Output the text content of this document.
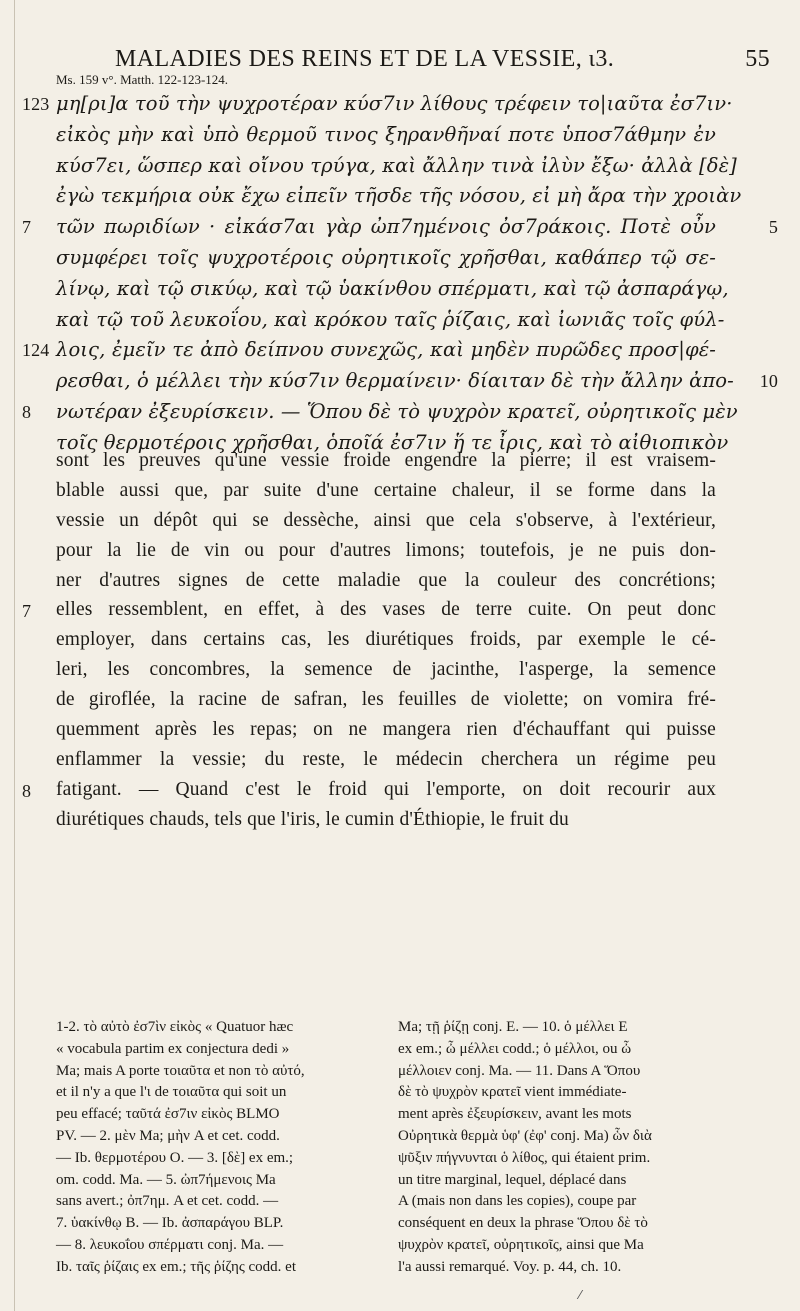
MALADIES DES REINS ET DE LA VESSIE, ι3.	55
Ms. 159 v°. Matth. 122-123-124.
123 μη[ρι]α τοῦ τὴν ψυχροτέραν κύσ7ιν λίθους τρέφειν το|ιαῦτα ἐσ7ιν·
εἰκὸς μὴν καὶ ὑπὸ θερμοῦ τινος ξηρανθῆναί ποτε ὑποσ7άθμην ἐν
κύσ7ει, ὥσπερ καὶ οἴνου τρύγα, καὶ ἄλλην τινὰ ἰλὺν ἔξω· ἀλλὰ [δὲ]
ἐγὼ τεκμήρια οὐκ ἔχω εἰπεῖν τῆσδε τῆς νόσου, εἰ μὴ ἄρα τὴν χροιὰν
7 τῶν πωριδίων · εἰκάσ7αι γὰρ ὠπ7ημένοις ὀσ7ράκοις. Ποτὲ οὖν	5
συμφέρει τοῖς ψυχροτέροις οὐρητικοῖς χρῆσθαι, καθάπερ τῷ σε-
λίνῳ, καὶ τῷ σικύῳ, καὶ τῷ ὑακίνθου σπέρματι, καὶ τῷ ἀσπαράγῳ,
καὶ τῷ τοῦ λευκοΐου, καὶ κρόκου ταῖς ῥίζαις, καὶ ἰωνιᾶς τοῖς φύλ-
124 λοις, ἐμεῖν τε ἀπὸ δείπνου συνεχῶς, καὶ μηδὲν πυρῶδες προσ|φέ-
ρεσθαι, ὁ μέλλει τὴν κύσ7ιν θερμαίνειν· δίαιταν δὲ τὴν ἄλλην ἀπο- 10
8 νωτέραν ἐξευρίσκειν. — Ὅπου δὲ τὸ ψυχρὸν κρατεῖ, οὐρητικοῖς μὲν
τοῖς θερμοτέροις χρῆσθαι, ὁποῖά ἐσ7ιν ἥ τε ἶρις, καὶ τὸ αἰθιοπικὸν
sont les preuves qu'une vessie froide engendre la pierre; il est vraisem-
blable aussi que, par suite d'une certaine chaleur, il se forme dans la
vessie un dépôt qui se dessèche, ainsi que cela s'observe, à l'extérieur,
pour la lie de vin ou pour d'autres limons; toutefois, je ne puis don-
ner d'autres signes de cette maladie que la couleur des concrétions;
7 elles ressemblent, en effet, à des vases de terre cuite. On peut donc
employer, dans certains cas, les diurétiques froids, par exemple le cé-
leri, les concombres, la semence de jacinthe, l'asperge, la semence
de giroflée, la racine de safran, les feuilles de violette; on vomira fré-
quemment après les repas; on ne mangera rien d'échauffant qui puisse
enflammer la vessie; du reste, le médecin cherchera un régime peu
8 fatigant. — Quand c'est le froid qui l'emporte, on doit recourir aux
diurétiques chauds, tels que l'iris, le cumin d'Éthiopie, le fruit du
1-2. τὸ αὐτὸ ἐσ7ὶν εἰκὸς « Quatuor hæc
« vocabula partim ex conjectura dedi »
Ma; mais A porte τοιαῦτα et non τὸ αὐτό,
et il n'y a que l'ι de τοιαῦτα qui soit un
peu effacé; ταῦτά ἐσ7ιν εἰκὸς BLMO
PV. — 2. μὲν Ma; μὴν A et cet. codd.
— Ib. θερμοτέρου O. — 3. [δὲ] ex em.;
om. codd. Ma. — 5. ὠπ7ήμενοις Ma
sans avert.; ὀπ7ημ. A et cet. codd. —
7. ὑακίνθῳ B. — Ib. ἀσπαράγου BLP.
— 8. λευκοΐου σπέρματι conj. Ma. —
Ib. ταῖς ῥίζαις ex em.; τῆς ῥίζης codd. et
Ma; τῇ ῥίζῃ conj. E. — 10. ὁ μέλλει E
ex em.; ὦ μέλλει codd.; ὁ μέλλοι, ou ὦ
μέλλοιεν conj. Ma. — 11. Dans A Ὅπου
δὲ τὸ ψυχρὸν κρατεῖ vient immédiate-
ment après ἐξευρίσκειν, avant les mots
Οὐρητικὰ θερμὰ ὑφ' (ἐφ' conj. Ma) ὧν διὰ
ψῦξιν πήγνυνται ὁ λίθος, qui étaient prim.
un titre marginal, lequel, déplacé dans
A (mais non dans les copies), coupe par
conséquent en deux la phrase Ὅπου δὲ τὸ
ψυχρὸν κρατεῖ, οὐρητικοῖς, ainsi que Ma
l'a aussi remarqué. Voy. p. 44, ch. 10.
⁄
